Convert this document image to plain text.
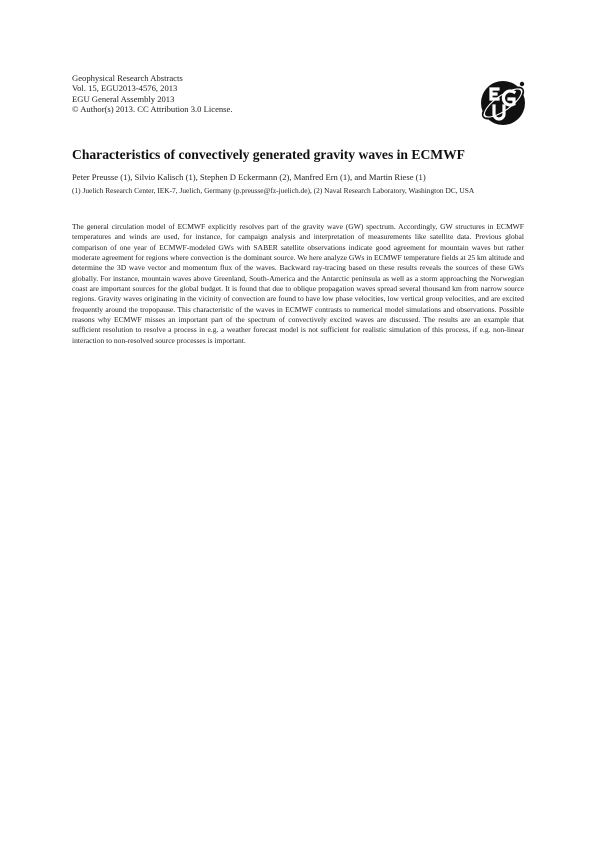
Geophysical Research Abstracts
Vol. 15, EGU2013-4576, 2013
EGU General Assembly 2013
© Author(s) 2013. CC Attribution 3.0 License.
Characteristics of convectively generated gravity waves in ECMWF
Peter Preusse (1), Silvio Kalisch (1), Stephen D Eckermann (2), Manfred Ern (1), and Martin Riese (1)
(1) Juelich Research Center, IEK-7, Juelich, Germany (p.preusse@fz-juelich.de), (2) Naval Research Laboratory, Washington DC, USA

The general circulation model of ECMWF explicitly resolves part of the gravity wave (GW) spectrum. Accordingly, GW structures in ECMWF temperatures and winds are used, for instance, for campaign analysis and interpretation of measurements like satellite data. Previous global comparison of one year of ECMWF-modeled GWs with SABER satellite observations indicate good agreement for mountain waves but rather moderate agreement for regions where convection is the dominant source. We here analyze GWs in ECMWF temperature fields at 25 km altitude and determine the 3D wave vector and momentum flux of the waves. Backward ray-tracing based on these results reveals the sources of these GWs globally. For instance, mountain waves above Greenland, South-America and the Antarctic peninsula as well as a storm approaching the Norwegian coast are important sources for the global budget. It is found that due to oblique propagation waves spread several thousand km from narrow source regions. Gravity waves originating in the vicinity of convection are found to have low phase velocities, low vertical group velocities, and are excited frequently around the tropopause. This characteristic of the waves in ECMWF contrasts to numerical model simulations and observations. Possible reasons why ECMWF misses an important part of the spectrum of convectively excited waves are discussed. The results are an example that sufficient resolution to resolve a process in e.g. a weather forecast model is not sufficient for realistic simulation of this process, if e.g. non-linear interaction to non-resolved source processes is important.
